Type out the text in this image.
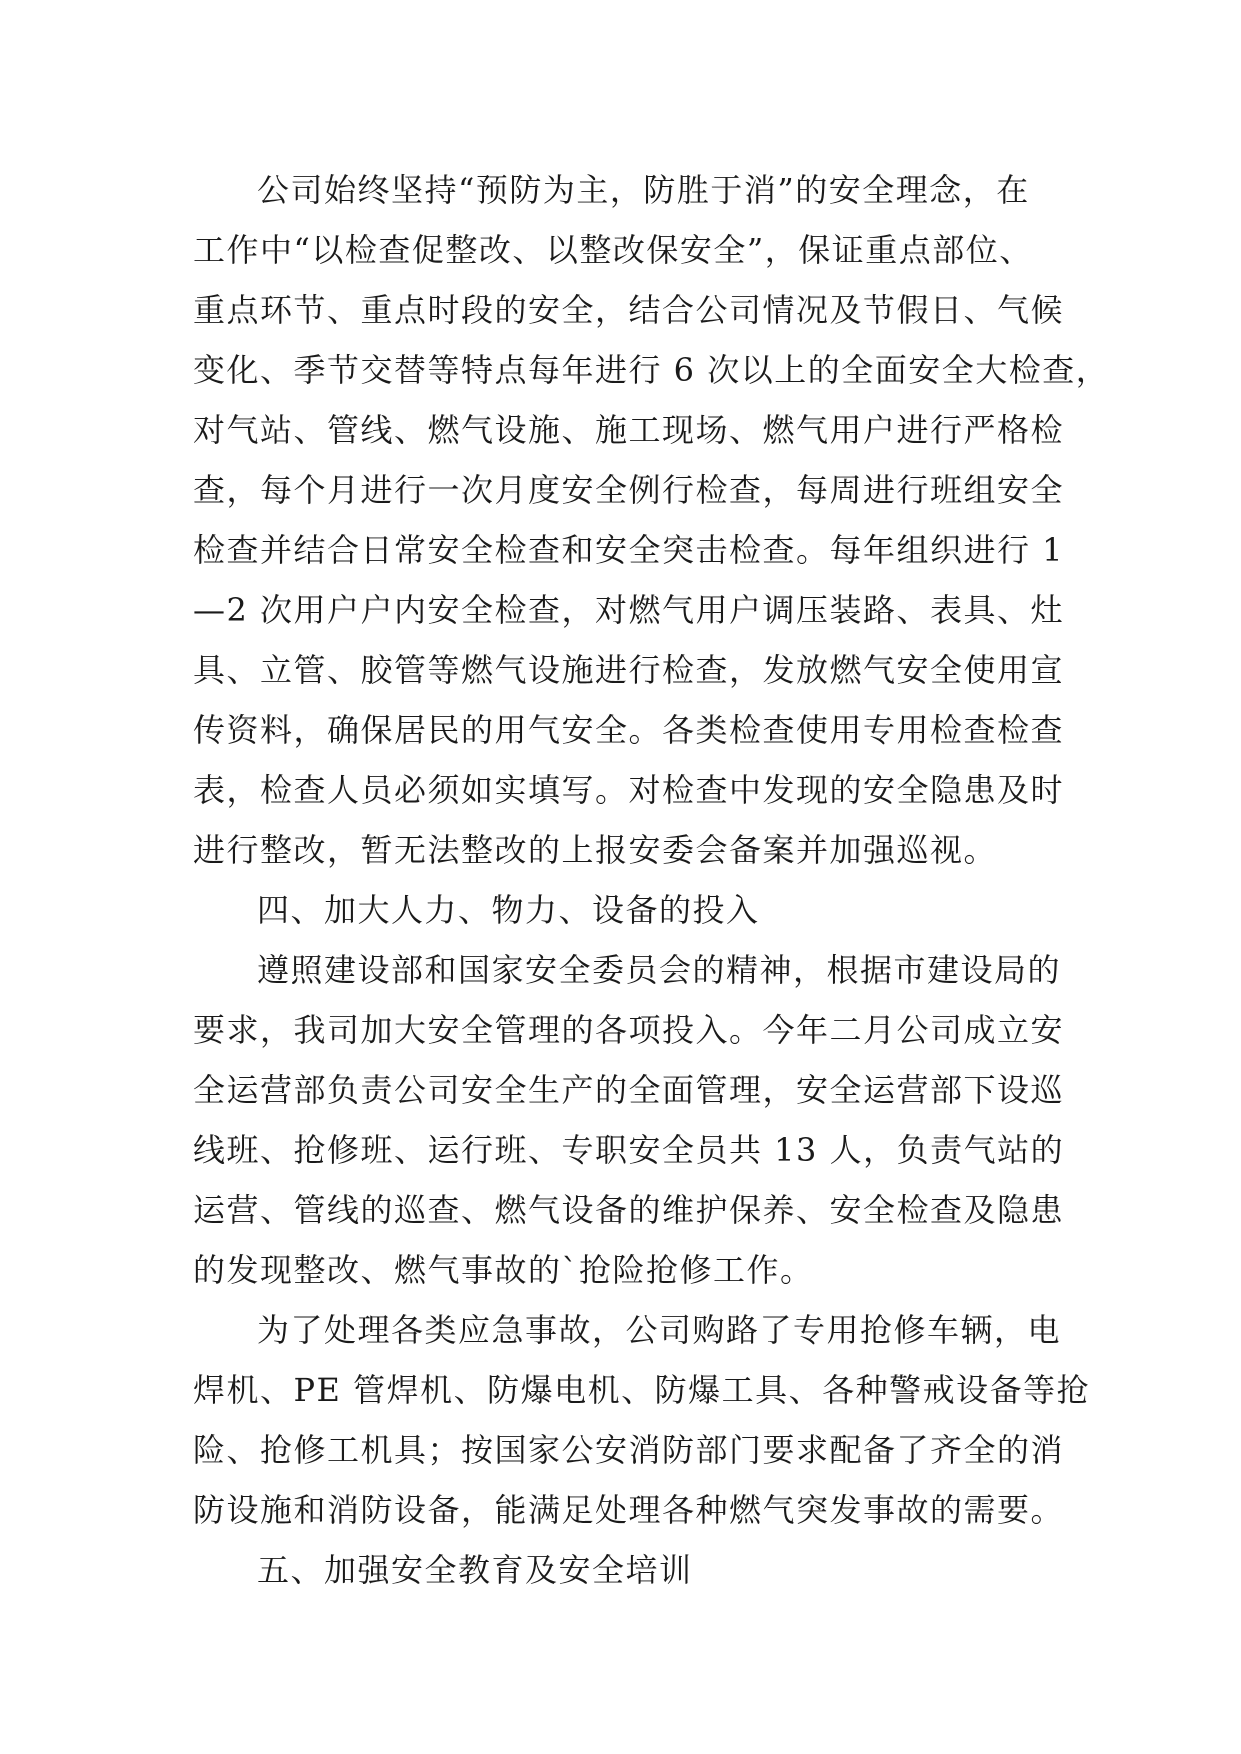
公司始终坚持“预防为主，防胜于消”的安全理念，在
工作中“以检查促整改、以整改保安全”，保证重点部位、
重点环节、重点时段的安全，结合公司情况及节假日、气候
变化、季节交替等特点每年进行 6 次以上的全面安全大检查，
对气站、管线、燃气设施、施工现场、燃气用户进行严格检
查，每个月进行一次月度安全例行检查，每周进行班组安全
检查并结合日常安全检查和安全突击检查。每年组织进行 1
—2 次用户户内安全检查，对燃气用户调压装路、表具、灶
具、立管、胶管等燃气设施进行检查，发放燃气安全使用宣
传资料，确保居民的用气安全。各类检查使用专用检查检查
表，检查人员必须如实填写。对检查中发现的安全隐患及时
进行整改，暂无法整改的上报安委会备案并加强巡视。
四、加大人力、物力、设备的投入
遵照建设部和国家安全委员会的精神，根据市建设局的
要求，我司加大安全管理的各项投入。今年二月公司成立安
全运营部负责公司安全生产的全面管理，安全运营部下设巡
线班、抢修班、运行班、专职安全员共 13 人，负责气站的
运营、管线的巡查、燃气设备的维护保养、安全检查及隐患
的发现整改、燃气事故的`抢险抢修工作。
为了处理各类应急事故，公司购路了专用抢修车辆，电
焊机、PE 管焊机、防爆电机、防爆工具、各种警戒设备等抢
险、抢修工机具；按国家公安消防部门要求配备了齐全的消
防设施和消防设备，能满足处理各种燃气突发事故的需要。
五、加强安全教育及安全培训
